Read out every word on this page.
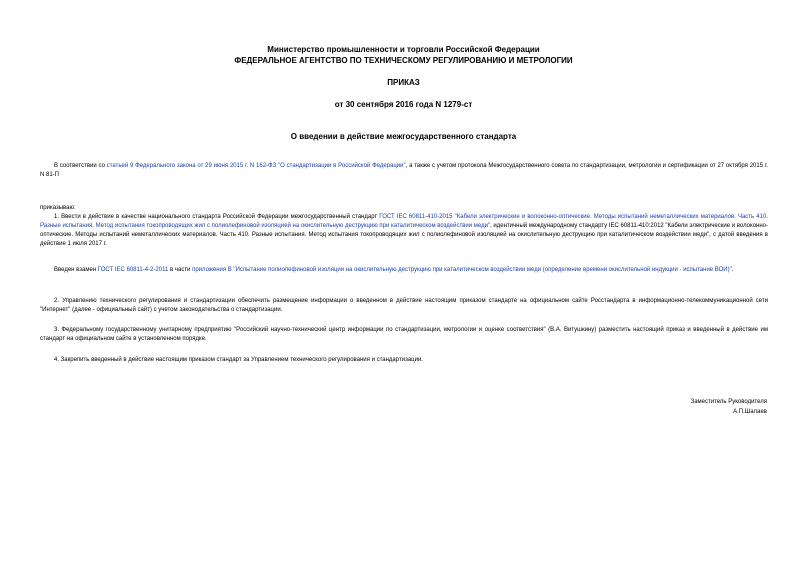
Министерство промышленности и торговли Российской Федерации
ФЕДЕРАЛЬНОЕ АГЕНТСТВО ПО ТЕХНИЧЕСКОМУ РЕГУЛИРОВАНИЮ И МЕТРОЛОГИИ
ПРИКАЗ
от 30 сентября 2016 года N 1279-ст
О введении в действие межгосударственного стандарта

В соответствии со статьей 9 Федерального закона от 29 июня 2015 г. N 162-ФЗ "О стандартизации в Российской Федерации", а также с учетом протокола Межгосударственного совета по стандартизации, метрологии и сертификации от 27 октября 2015 г. N 81-П

приказываю:

1. Ввести в действие в качестве национального стандарта Российской Федерации межгосударственный стандарт ГОСТ IEC 60811-410-2015 "Кабели электрические и волоконно-оптические. Методы испытаний неметаллических материалов. Часть 410. Разные испытания. Метод испытания токопроводящих жил с полиолефиновой изоляцией на окислительную деструкцию при каталитическом воздействии меди", идентичный международному стандарту IEC 60811-410:2012 "Кабели электрические и волоконно-оптические. Методы испытаний неметаллических материалов. Часть 410. Разные испытания. Метод испытания токопроводящих жил с полиолефиновой изоляцией на окислительную деструкцию при каталитическом воздействии меди", с датой введения в действие 1 июля 2017 г.

Введен взамен ГОСТ IEC 60811-4-2-2011 в части приложения В "Испытание полиолефиновой изоляции на окислительную деструкцию при каталитическом воздействии меди (определение времени окислительной индукции - испытание ВОИ)".

2. Управлению технического регулирования и стандартизации обеспечить размещение информации о введенном в действие настоящим приказом стандарте на официальном сайте Росстандарта в информационно-телекоммуникационной сети "Интернет" (далее - официальный сайт) с учетом законодательства о стандартизации.

3. Федеральному государственному унитарному предприятию "Российский научно-технический центр информации по стандартизации, метрологии и оценке соответствия" (В.А. Витушкину) разместить настоящий приказ и введенный в действие им стандарт на официальном сайте в установленном порядке.

4. Закрепить введенный в действие настоящим приказом стандарт за Управлением технического регулирования и стандартизации.

Заместитель Руководителя
А.П.Шалаев
